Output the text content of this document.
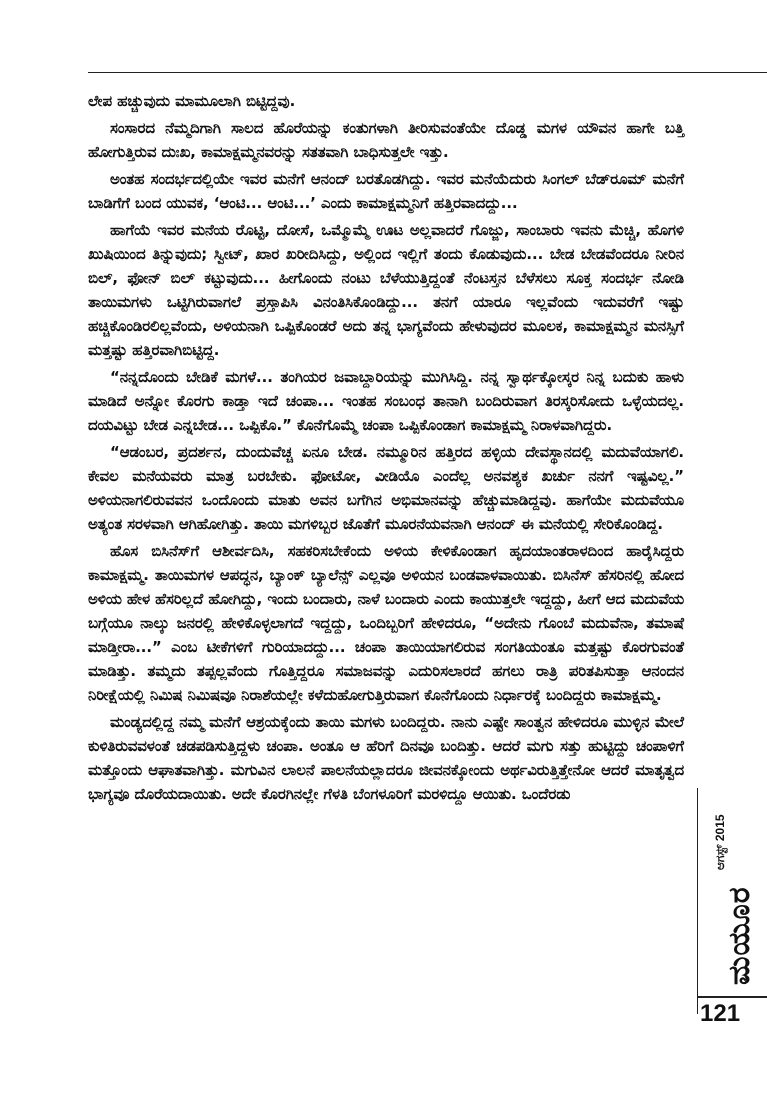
ಲೇಪ ಹಚ್ಚುವುದು ಮಾಮೂಲಾಗಿ ಬಿಟ್ಟಿದ್ದವು.

ಸಂಸಾರದ ನೆಮ್ಮದಿಗಾಗಿ ಸಾಲದ ಹೊರೆಯನ್ನು ಕಂತುಗಳಾಗಿ ತೀರಿಸುವಂತೆಯೇ ದೊಡ್ಡ ಮಗಳ ಯೌವನ ಹಾಗೇ ಬತ್ತಿ ಹೋಗುತ್ತಿರುವ ದುಃಖ, ಕಾಮಾಕ್ಷಮ್ಮನವರನ್ನು ಸತತವಾಗಿ ಬಾಧಿಸುತ್ತಲೇ ಇತ್ತು.

ಅಂತಹ ಸಂದರ್ಭದಲ್ಲಿಯೇ ಇವರ ಮನೆಗೆ ಆನಂದ್ ಬರತೊಡಗಿದ್ದು. ಇವರ ಮನೆಯೆದುರು ಸಿಂಗಲ್ ಬೆಡ್‌ರೂಮ್ ಮನೆಗೆ ಬಾಡಿಗೆಗೆ ಬಂದ ಯುವಕ, ‘ಆಂಟಿ... ಆಂಟಿ...’ ಎಂದು ಕಾಮಾಕ್ಷಮ್ಮನಿಗೆ ಹತ್ತಿರವಾದದ್ದು...

ಹಾಗೆಯೆ ಇವರ ಮನೆಯ ರೊಟ್ಟಿ, ದೋಸೆ, ಒಮ್ಮೊಮ್ಮೆ ಊಟ ಅಲ್ಲವಾದರೆ ಗೊಜ್ಜು, ಸಾಂಬಾರು ಇವನು ಮೆಚ್ಚಿ, ಹೊಗಳಿ ಖುಷಿಯಿಂದ ತಿನ್ನುವುದು; ಸ್ವೀಟ್, ಖಾರ ಖರೀದಿಸಿದ್ದು, ಅಲ್ಲಿಂದ ಇಲ್ಲಿಗೆ ತಂದು ಕೊಡುವುದು... ಬೇಡ ಬೇಡವೆಂದರೂ ನೀರಿನ ಬಿಲ್, ಫೋನ್ ಬಿಲ್ ಕಟ್ಟುವುದು... ಹೀಗೊಂದು ನಂಟು ಬೆಳೆಯುತ್ತಿದ್ದಂತೆ ನೆಂಟಸ್ತನ ಬೆಳೆಸಲು ಸೂಕ್ತ ಸಂದರ್ಭ ನೋಡಿ ತಾಯಿಮಗಳು ಒಟ್ಟಿಗಿರುವಾಗಲೆ ಪ್ರಸ್ತಾಪಿಸಿ ವಿನಂತಿಸಿಕೊಂಡಿದ್ದು... ತನಗೆ ಯಾರೂ ಇಲ್ಲವೆಂದು ಇದುವರೆಗೆ ಇಷ್ಟು ಹಚ್ಚಿಕೊಂಡಿರಲಿಲ್ಲವೆಂದು, ಅಳಿಯನಾಗಿ ಒಪ್ಪಿಕೊಂಡರೆ ಅದು ತನ್ನ ಭಾಗ್ಯವೆಂದು ಹೇಳುವುದರ ಮೂಲಕ, ಕಾಮಾಕ್ಷಮ್ಮನ ಮನಸ್ಸಿಗೆ ಮತ್ತಷ್ಟು ಹತ್ತಿರವಾಗಿಬಿಟ್ಟಿದ್ದ.

“ನನ್ನದೊಂದು ಬೇಡಿಕೆ ಮಗಳೆ... ತಂಗಿಯರ ಜವಾಬ್ದಾರಿಯನ್ನು ಮುಗಿಸಿದ್ದಿ. ನನ್ನ ಸ್ವಾರ್ಥಕ್ಕೋಸ್ಕರ ನಿನ್ನ ಬದುಕು ಹಾಳು ಮಾಡಿದೆ ಅನ್ನೋ ಕೊರಗು ಕಾಡ್ತಾ ಇದೆ ಚಂಪಾ... ಇಂತಹ ಸಂಬಂಧ ತಾನಾಗಿ ಬಂದಿರುವಾಗ ತಿರಸ್ಕರಿಸೋದು ಒಳ್ಳೆಯದಲ್ಲ. ದಯವಿಟ್ಟು ಬೇಡ ಎನ್ನಬೇಡ... ಒಪ್ಪಿಕೊ.” ಕೊನೆಗೊಮ್ಮೆ ಚಂಪಾ ಒಪ್ಪಿಕೊಂಡಾಗ ಕಾಮಾಕ್ಷಮ್ಮ ನಿರಾಳವಾಗಿದ್ದರು.

“ಆಡಂಬರ, ಪ್ರದರ್ಶನ, ದುಂದುವೆಚ್ಚ ಏನೂ ಬೇಡ. ನಮ್ಮೂರಿನ ಹತ್ತಿರದ ಹಳ್ಳಿಯ ದೇವಸ್ಥಾನದಲ್ಲಿ ಮದುವೆಯಾಗಲಿ. ಕೇವಲ ಮನೆಯವರು ಮಾತ್ರ ಬರಬೇಕು. ಫೋಟೋ, ವೀಡಿಯೊ ಎಂದೆಲ್ಲ ಅನವಶ್ಯಕ ಖರ್ಚು ನನಗೆ ಇಷ್ಟವಿಲ್ಲ.” ಅಳಿಯನಾಗಲಿರುವವನ ಒಂದೊಂದು ಮಾತು ಅವನ ಬಗೆಗಿನ ಅಭಿಮಾನವನ್ನು ಹೆಚ್ಚುಮಾಡಿದ್ದವು. ಹಾಗೆಯೇ ಮದುವೆಯೂ ಅತ್ಯಂತ ಸರಳವಾಗಿ ಆಗಿಹೋಗಿತ್ತು. ತಾಯಿ ಮಗಳಿಬ್ಬರ ಜೊತೆಗೆ ಮೂರನೆಯವನಾಗಿ ಆನಂದ್ ಈ ಮನೆಯಲ್ಲಿ ಸೇರಿಕೊಂಡಿದ್ದ.

ಹೊಸ ಬಿಸಿನೆಸ್‌ಗೆ ಆಶೀರ್ವದಿಸಿ, ಸಹಕರಿಸಬೇಕೆಂದು ಅಳಿಯ ಕೇಳಿಕೊಂಡಾಗ ಹೃದಯಾಂತರಾಳದಿಂದ ಹಾರೈಸಿದ್ದರು ಕಾಮಾಕ್ಷಮ್ಮ. ತಾಯಿಮಗಳ ಆಪದ್ಧನ, ಬ್ಯಾಂಕ್ ಬ್ಯಾಲೆನ್ಸ್ ಎಲ್ಲವೂ ಅಳಿಯನ ಬಂಡವಾಳವಾಯಿತು. ಬಿಸಿನೆಸ್ ಹೆಸರಿನಲ್ಲಿ ಹೋದ ಅಳಿಯ ಹೇಳ ಹೆಸರಿಲ್ಲದೆ ಹೋಗಿದ್ದು, ಇಂದು ಬಂದಾರು, ನಾಳೆ ಬಂದಾರು ಎಂದು ಕಾಯುತ್ತಲೇ ಇದ್ದದ್ದು, ಹೀಗೆ ಆದ ಮದುವೆಯ ಬಗ್ಗೆಯೂ ನಾಲ್ಕು ಜನರಲ್ಲಿ ಹೇಳಿಕೊಳ್ಳಲಾಗದೆ ಇದ್ದದ್ದು, ಒಂದಿಬ್ಬರಿಗೆ ಹೇಳಿದರೂ, “ಅದೇನು ಗೊಂಬೆ ಮದುವೆನಾ, ತಮಾಷೆ ಮಾಡ್ತೀರಾ...” ಎಂಬ ಟೀಕೆಗಳಿಗೆ ಗುರಿಯಾದದ್ದು... ಚಂಪಾ ತಾಯಿಯಾಗಲಿರುವ ಸಂಗತಿಯಂತೂ ಮತ್ತಷ್ಟು ಕೊರಗುವಂತೆ ಮಾಡಿತ್ತು. ತಮ್ಮದು ತಪ್ಪಲ್ಲವೆಂದು ಗೊತ್ತಿದ್ದರೂ ಸಮಾಜವನ್ನು ಎದುರಿಸಲಾರದೆ ಹಗಲು ರಾತ್ರಿ ಪರಿತಪಿಸುತ್ತಾ ಆನಂದನ ನಿರೀಕ್ಷೆಯಲ್ಲಿ ನಿಮಿಷ ನಿಮಿಷವೂ ನಿರಾಶೆಯಲ್ಲೇ ಕಳೆದುಹೋಗುತ್ತಿರುವಾಗ ಕೊನೆಗೊಂದು ನಿರ್ಧಾರಕ್ಕೆ ಬಂದಿದ್ದರು ಕಾಮಾಕ್ಷಮ್ಮ.

ಮಂಡ್ಯದಲ್ಲಿದ್ದ ನಮ್ಮ ಮನೆಗೆ ಆಶ್ರಯಕ್ಕೆಂದು ತಾಯಿ ಮಗಳು ಬಂದಿದ್ದರು. ನಾನು ಎಷ್ಟೇ ಸಾಂತ್ವನ ಹೇಳಿದರೂ ಮುಳ್ಳಿನ ಮೇಲೆ ಕುಳಿತಿರುವವಳಂತೆ ಚಡಪಡಿಸುತ್ತಿದ್ದಳು ಚಂಪಾ. ಅಂತೂ ಆ ಹೆರಿಗೆ ದಿನವೂ ಬಂದಿತ್ತು. ಆದರೆ ಮಗು ಸತ್ತು ಹುಟ್ಟಿದ್ದು ಚಂಪಾಳಿಗೆ ಮತ್ತೊಂದು ಆಘಾತವಾಗಿತ್ತು. ಮಗುವಿನ ಲಾಲನೆ ಪಾಲನೆಯಲ್ಲಾದರೂ ಜೀವನಕ್ಕೋಂದು ಅರ್ಥವಿರುತ್ತಿತ್ತೇನೋ ಆದರೆ ಮಾತೃತ್ವದ ಭಾಗ್ಯವೂ ದೊರೆಯದಾಯಿತು. ಅದೇ ಕೊರಗಿನಲ್ಲೇ ಗೆಳತಿ ಬೆಂಗಳೂರಿಗೆ ಮರಳಿದ್ದೂ ಆಯಿತು. ಒಂದೆರಡು

ಆಗಸ್ಟ್ 2015
ಮಯೂರ
121
